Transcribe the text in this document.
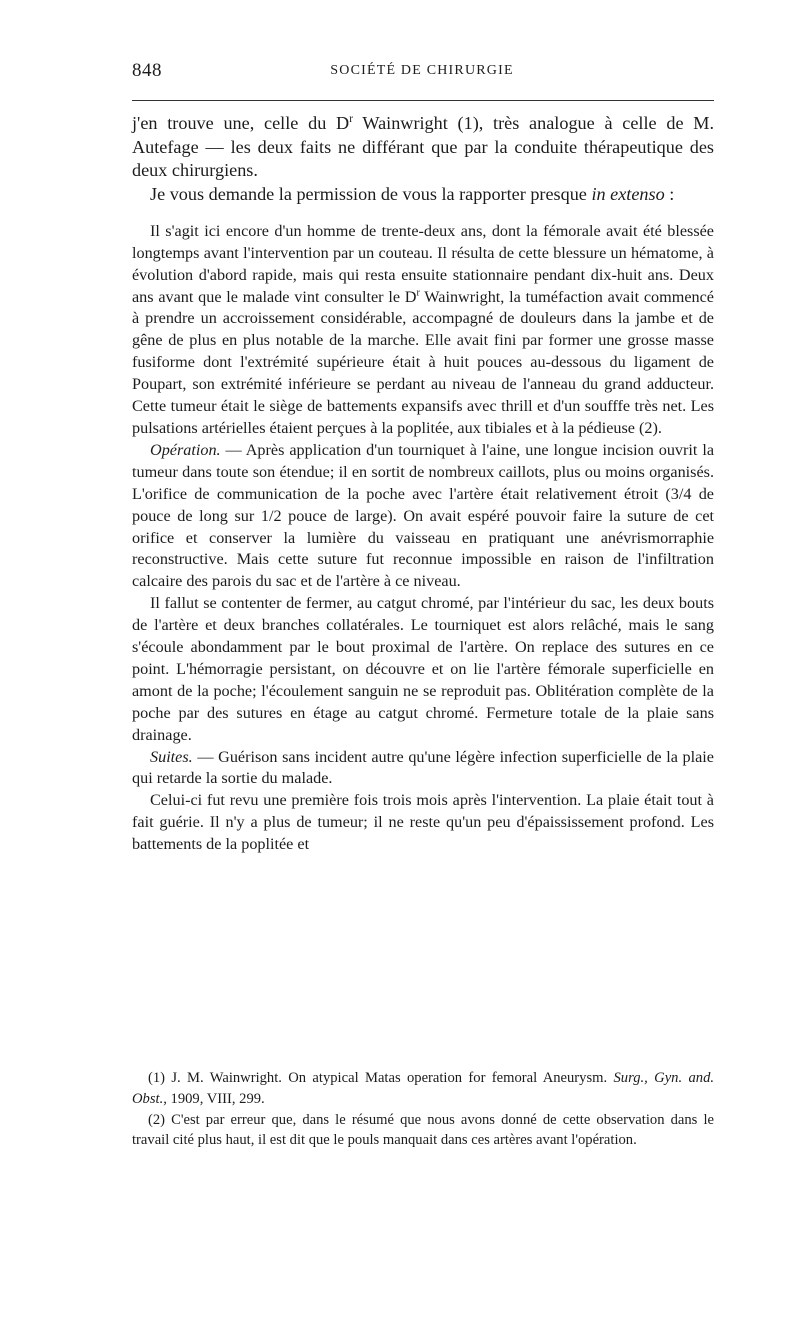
848	SOCIÉTÉ DE CHIRURGIE

j'en trouve une, celle du $D^r$ Wainwright (1), très analogue à celle de M. Autefage — les deux faits ne différant que par la conduite thérapeutique des deux chirurgiens.

Je vous demande la permission de vous la rapporter presque in extenso :

Il s'agit ici encore d'un homme de trente-deux ans, dont la fémorale avait été blessée longtemps avant l'intervention par un couteau. Il résulta de cette blessure un hématome, à évolution d'abord rapide, mais qui resta ensuite stationnaire pendant dix-huit ans. Deux ans avant que le malade vint consulter le $D^r$ Wainwright, la tuméfaction avait commencé à prendre un accroissement considérable, accompagné de douleurs dans la jambe et de gêne de plus en plus notable de la marche. Elle avait fini par former une grosse masse fusiforme dont l'extrémité supérieure était à huit pouces au-dessous du ligament de Poupart, son extrémité inférieure se perdant au niveau de l'anneau du grand adducteur. Cette tumeur était le siège de battements expansifs avec thrill et d'un soufffe très net. Les pulsations artérielles étaient perçues à la poplitée, aux tibiales et à la pédieuse (2).

Opération. — Après application d'un tourniquet à l'aine, une longue incision ouvrit la tumeur dans toute son étendue; il en sortit de nombreux caillots, plus ou moins organisés. L'orifice de communication de la poche avec l'artère était relativement étroit (3/4 de pouce de long sur 1/2 pouce de large). On avait espéré pouvoir faire la suture de cet orifice et conserver la lumière du vaisseau en pratiquant une anévrismorraphie reconstructive. Mais cette suture fut reconnue impossible en raison de l'infiltration calcaire des parois du sac et de l'artère à ce niveau.

Il fallut se contenter de fermer, au catgut chromé, par l'intérieur du sac, les deux bouts de l'artère et deux branches collatérales. Le tourniquet est alors relâché, mais le sang s'écoule abondamment par le bout proximal de l'artère. On replace des sutures en ce point. L'hémorragie persistant, on découvre et on lie l'artère fémorale superficielle en amont de la poche; l'écoulement sanguin ne se reproduit pas. Oblitération complète de la poche par des sutures en étage au catgut chromé. Fermeture totale de la plaie sans drainage.

Suites. — Guérison sans incident autre qu'une légère infection superficielle de la plaie qui retarde la sortie du malade.

Celui-ci fut revu une première fois trois mois après l'intervention. La plaie était tout à fait guérie. Il n'y a plus de tumeur; il ne reste qu'un peu d'épaississement profond. Les battements de la poplitée et

(1) J. M. Wainwright. On atypical Matas operation for femoral Aneurysm. Surg., Gyn. and. Obst., 1909, VIII, 299.

(2) C'est par erreur que, dans le résumé que nous avons donné de cette observation dans le travail cité plus haut, il est dit que le pouls manquait dans ces artères avant l'opération.
